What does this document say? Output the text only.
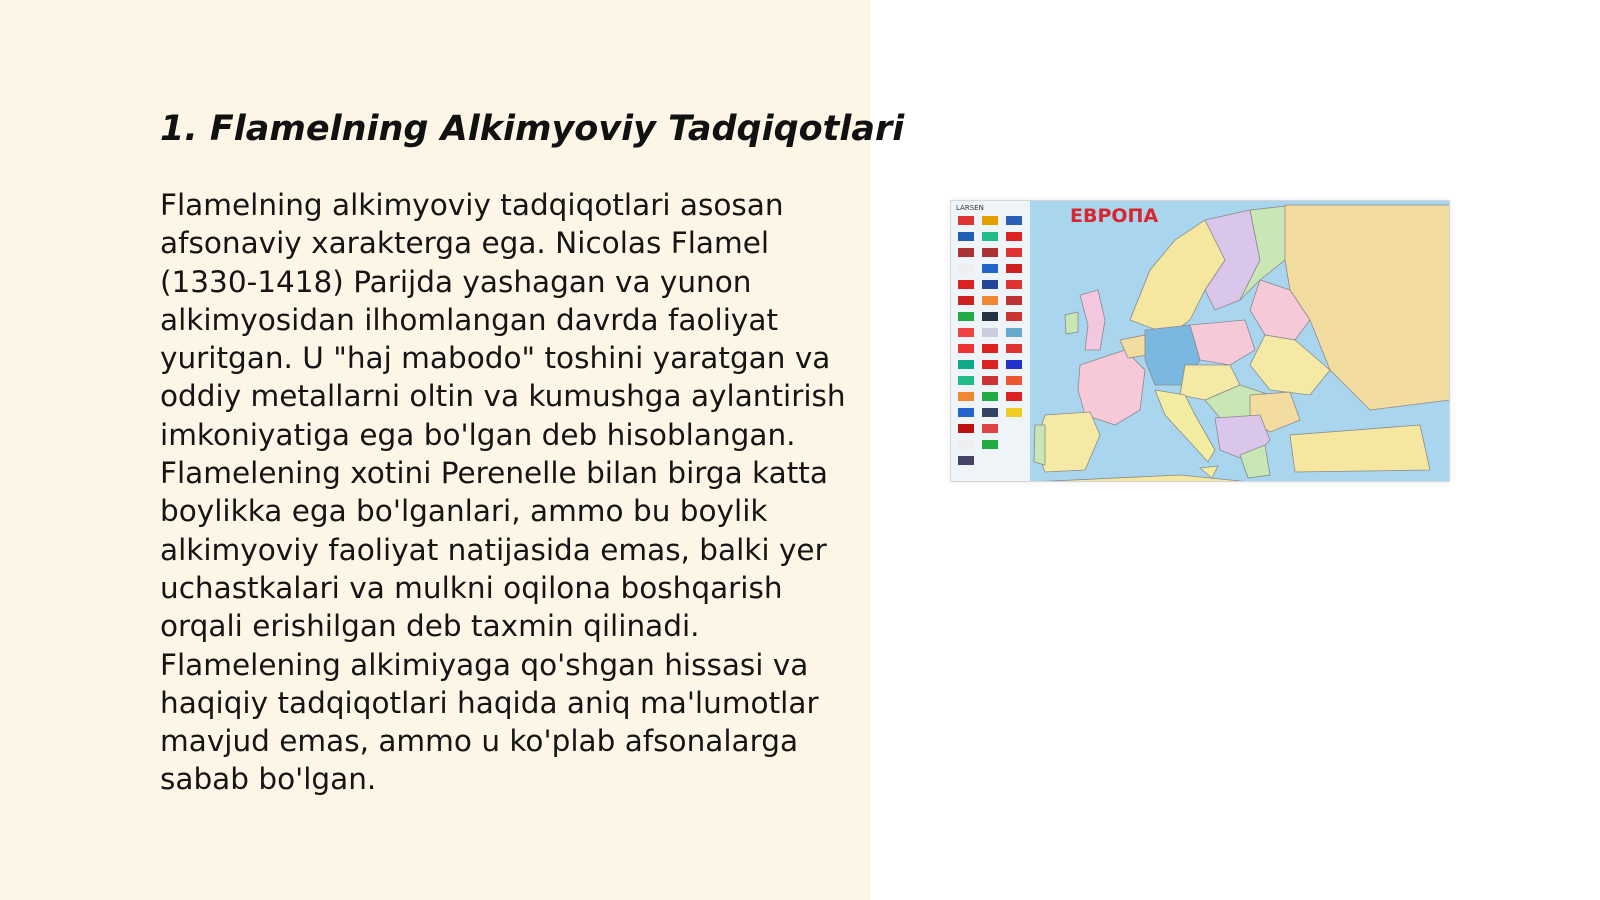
1. Flamelning Alkimyoviy Tadqiqotlari

Flamelning alkimyoviy tadqiqotlari asosan afsonaviy xarakterga ega. Nicolas Flamel (1330-1418) Parijda yashagan va yunon alkimyosidan ilhomlangan davrda faoliyat yuritgan. U "haj mabodo" toshini yaratgan va oddiy metallarni oltin va kumushga aylantirish imkoniyatiga ega bo'lgan deb hisoblangan. Flamelening xotini Perenelle bilan birga katta boylikka ega bo'lganlari, ammo bu boylik alkimyoviy faoliyat natijasida emas, balki yer uchastkalari va mulkni oqilona boshqarish orqali erishilgan deb taxmin qilinadi. Flamelening alkimiyaga qo'shgan hissasi va haqiqiy tadqiqotlari haqida aniq ma'lumotlar mavjud emas, ammo u ko'plab afsonalarga sabab bo'lgan.

LARSEN	ЕВРОПА
